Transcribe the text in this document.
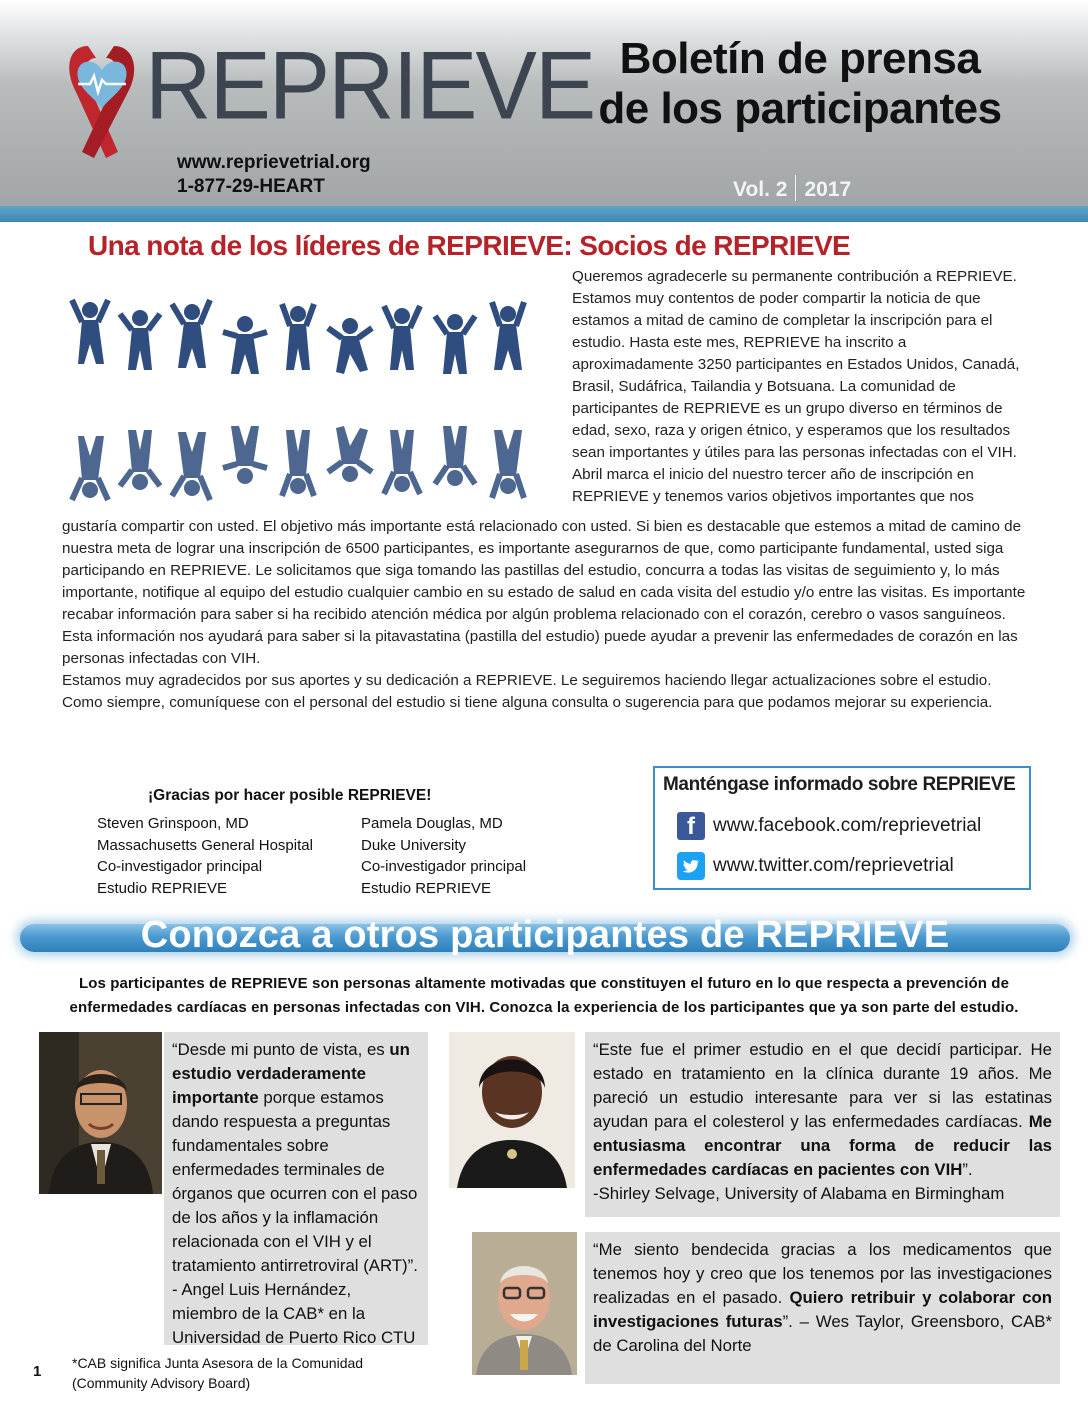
REPRIEVE
www.reprievetrial.org
1-877-29-HEART
Boletín de prensa
de los participantes
Vol. 2 2017
Una nota de los líderes de REPRIEVE: Socios de REPRIEVE

Queremos agradecerle su permanente contribución a REPRIEVE. Estamos muy contentos de poder compartir la noticia de que estamos a mitad de camino de completar la inscripción para el estudio. Hasta este mes, REPRIEVE ha inscrito a aproximadamente 3250 participantes en Estados Unidos, Canadá, Brasil, Sudáfrica, Tailandia y Botsuana. La comunidad de participantes de REPRIEVE es un grupo diverso en términos de edad, sexo, raza y origen étnico, y esperamos que los resultados sean importantes y útiles para las personas infectadas con el VIH.

Abril marca el inicio del nuestro tercer año de inscripción en REPRIEVE y tenemos varios objetivos importantes que nos

gustaría compartir con usted. El objetivo más importante está relacionado con usted. Si bien es destacable que estemos a mitad de camino de nuestra meta de lograr una inscripción de 6500 participantes, es importante asegurarnos de que, como participante fundamental, usted siga participando en REPRIEVE. Le solicitamos que siga tomando las pastillas del estudio, concurra a todas las visitas de seguimiento y, lo más importante, notifique al equipo del estudio cualquier cambio en su estado de salud en cada visita del estudio y/o entre las visitas. Es importante recabar información para saber si ha recibido atención médica por algún problema relacionado con el corazón, cerebro o vasos sanguíneos. Esta información nos ayudará para saber si la pitavastatina (pastilla del estudio) puede ayudar a prevenir las enfermedades de corazón en las personas infectadas con VIH.

Estamos muy agradecidos por sus aportes y su dedicación a REPRIEVE. Le seguiremos haciendo llegar actualizaciones sobre el estudio. Como siempre, comuníquese con el personal del estudio si tiene alguna consulta o sugerencia para que podamos mejorar su experiencia.

¡Gracias por hacer posible REPRIEVE!
Steven Grinspoon, MD
Massachusetts General Hospital
Co-investigador principal
Estudio REPRIEVE
Pamela Douglas, MD
Duke University
Co-investigador principal
Estudio REPRIEVE
Manténgase informado sobre REPRIEVE
f www.facebook.com/reprievetrial
www.twitter.com/reprievetrial
Conozca a otros participantes de REPRIEVE
Los participantes de REPRIEVE son personas altamente motivadas que constituyen el futuro en lo que respecta a prevención de
enfermedades cardíacas en personas infectadas con VIH. Conozca la experiencia de los participantes que ya son parte del estudio.

“Desde mi punto de vista, es un estudio verdaderamente importante porque estamos dando respuesta a preguntas fundamentales sobre enfermedades terminales de órganos que ocurren con el paso de los años y la inflamación relacionada con el VIH y el tratamiento antirretroviral (ART)”. - Angel Luis Hernández, miembro de la CAB* en la Universidad de Puerto Rico CTU

“Este fue el primer estudio en el que decidí participar. He estado en tratamiento en la clínica durante 19 años. Me pareció un estudio interesante para ver si las estatinas ayudan para el colesterol y las enfermedades cardíacas. Me entusiasma encontrar una forma de reducir las enfermedades cardíacas en pacientes con VIH”.

-Shirley Selvage, University of Alabama en Birmingham

“Me siento bendecida gracias a los medicamentos que tenemos hoy y creo que los tenemos por las investigaciones realizadas en el pasado. Quiero retribuir y colaborar con investigaciones futuras”. – Wes Taylor, Greensboro, CAB* de Carolina del Norte

1 *CAB significa Junta Asesora de la Comunidad
(Community Advisory Board)
